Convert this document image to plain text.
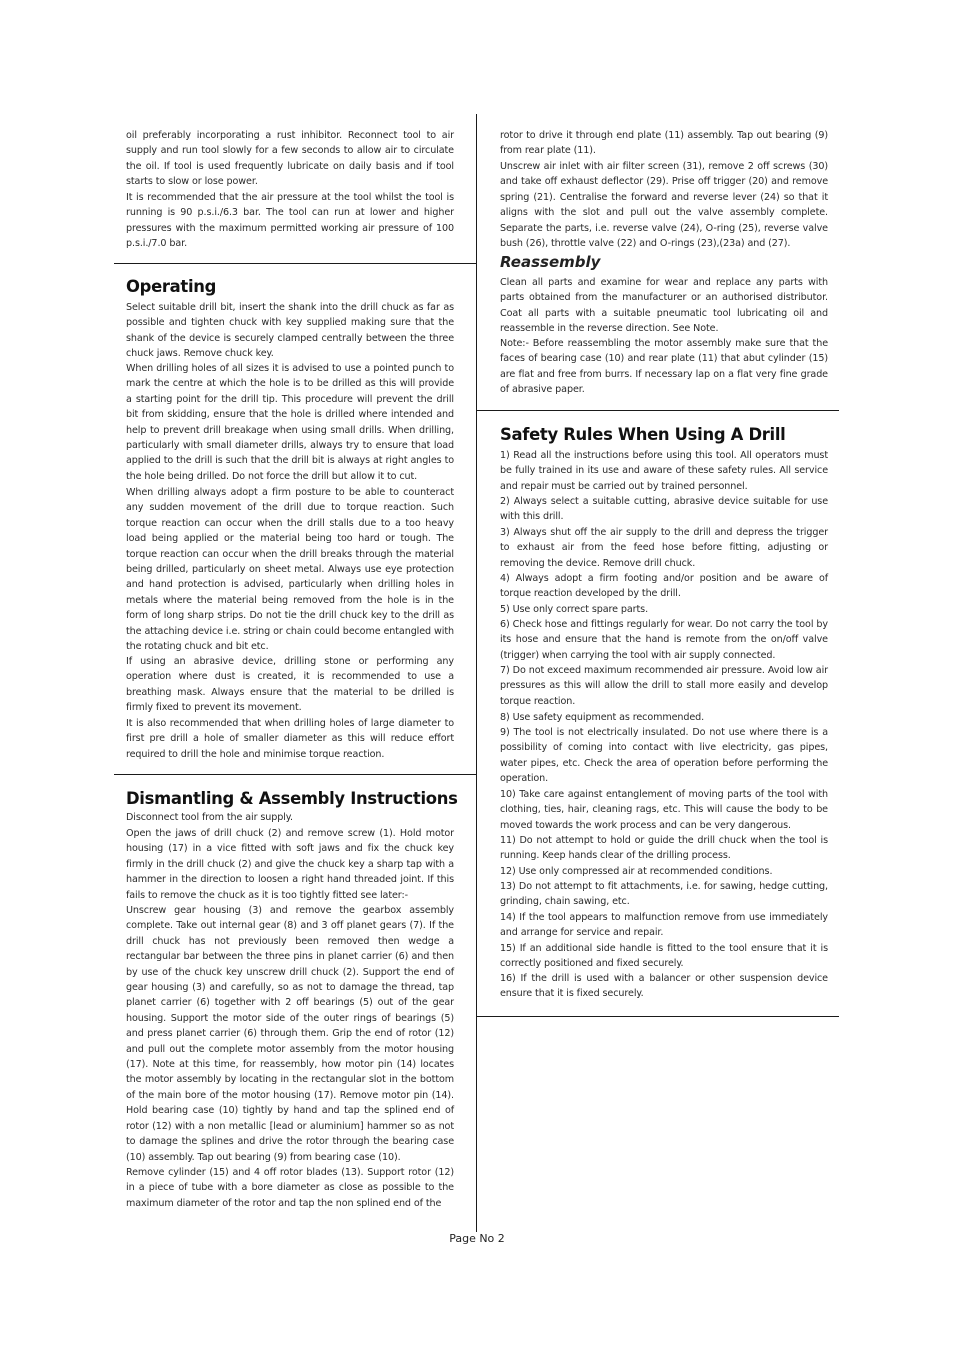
oil preferably incorporating a rust inhibitor. Reconnect tool to air supply and run tool slowly for a few seconds to allow air to circulate the oil. If tool is used frequently lubricate on daily basis and if tool starts to slow or lose power.

It is recommended that the air pressure at the tool whilst the tool is running is 90 p.s.i./6.3 bar. The tool can run at lower and higher pressures with the maximum permitted working air pressure of 100 p.s.i./7.0 bar.

Operating

Select suitable drill bit, insert the shank into the drill chuck as far as possible and tighten chuck with key supplied making sure that the shank of the device is securely clamped centrally between the three chuck jaws. Remove chuck key.

When drilling holes of all sizes it is advised to use a pointed punch to mark the centre at which the hole is to be drilled as this will provide a starting point for the drill tip. This procedure will prevent the drill bit from skidding, ensure that the hole is drilled where intended and help to prevent drill breakage when using small drills. When drilling, particularly with small diameter drills, always try to ensure that load applied to the drill is such that the drill bit is always at right angles to the hole being drilled. Do not force the drill but allow it to cut.

When drilling always adopt a firm posture to be able to counteract any sudden movement of the drill due to torque reaction. Such torque reaction can occur when the drill stalls due to a too heavy load being applied or the material being too hard or tough. The torque reaction can occur when the drill breaks through the material being drilled, particularly on sheet metal. Always use eye protection and hand protection is advised, particularly when drilling holes in metals where the material being removed from the hole is in the form of long sharp strips. Do not tie the drill chuck key to the drill as the attaching device i.e. string or chain could become entangled with the rotating chuck and bit etc.

If using an abrasive device, drilling stone or performing any operation where dust is created, it is recommended to use a breathing mask. Always ensure that the material to be drilled is firmly fixed to prevent its movement.

It is also recommended that when drilling holes of large diameter to first pre drill a hole of smaller diameter as this will reduce effort required to drill the hole and minimise torque reaction.

Dismantling & Assembly Instructions

Disconnect tool from the air supply.

Open the jaws of drill chuck (2) and remove screw (1). Hold motor housing (17) in a vice fitted with soft jaws and fix the chuck key firmly in the drill chuck (2) and give the chuck key a sharp tap with a hammer in the direction to loosen a right hand threaded joint. If this fails to remove the chuck as it is too tightly fitted see later:-

Unscrew gear housing (3) and remove the gearbox assembly complete. Take out internal gear (8) and 3 off planet gears (7). If the drill chuck has not previously been removed then wedge a rectangular bar between the three pins in planet carrier (6) and then by use of the chuck key unscrew drill chuck (2). Support the end of gear housing (3) and carefully, so as not to damage the thread, tap planet carrier (6) together with 2 off bearings (5) out of the gear housing. Support the motor side of the outer rings of bearings (5) and press planet carrier (6) through them. Grip the end of rotor (12) and pull out the complete motor assembly from the motor housing (17). Note at this time, for reassembly, how motor pin (14) locates the motor assembly by locating in the rectangular slot in the bottom of the main bore of the motor housing (17). Remove motor pin (14). Hold bearing case (10) tightly by hand and tap the splined end of rotor (12) with a non metallic [lead or aluminium] hammer so as not to damage the splines and drive the rotor through the bearing case (10) assembly. Tap out bearing (9) from bearing case (10).

Remove cylinder (15) and 4 off rotor blades (13). Support rotor (12) in a piece of tube with a bore diameter as close as possible to the maximum diameter of the rotor and tap the non splined end of the

rotor to drive it through end plate (11) assembly. Tap out bearing (9) from rear plate (11).

Unscrew air inlet with air filter screen (31), remove 2 off screws (30) and take off exhaust deflector (29). Prise off trigger (20) and remove spring (21). Centralise the forward and reverse lever (24) so that it aligns with the slot and pull out the valve assembly complete. Separate the parts, i.e. reverse valve (24), O-ring (25), reverse valve bush (26), throttle valve (22) and O-rings (23),(23a) and (27).

Reassembly

Clean all parts and examine for wear and replace any parts with parts obtained from the manufacturer or an authorised distributor. Coat all parts with a suitable pneumatic tool lubricating oil and reassemble in the reverse direction. See Note.

Note:- Before reassembling the motor assembly make sure that the faces of bearing case (10) and rear plate (11) that abut cylinder (15) are flat and free from burrs. If necessary lap on a flat very fine grade of abrasive paper.

Safety Rules When Using A Drill

1) Read all the instructions before using this tool. All operators must be fully trained in its use and aware of these safety rules. All service and repair must be carried out by trained personnel.

2) Always select a suitable cutting, abrasive device suitable for use with this drill.

3) Always shut off the air supply to the drill and depress the trigger to exhaust air from the feed hose before fitting, adjusting or removing the device. Remove drill chuck.

4) Always adopt a firm footing and/or position and be aware of torque reaction developed by the drill.

5) Use only correct spare parts.

6) Check hose and fittings regularly for wear. Do not carry the tool by its hose and ensure that the hand is remote from the on/off valve (trigger) when carrying the tool with air supply connected.

7) Do not exceed maximum recommended air pressure. Avoid low air pressures as this will allow the drill to stall more easily and develop torque reaction.

8) Use safety equipment as recommended.

9) The tool is not electrically insulated. Do not use where there is a possibility of coming into contact with live electricity, gas pipes, water pipes, etc. Check the area of operation before performing the operation.

10) Take care against entanglement of moving parts of the tool with clothing, ties, hair, cleaning rags, etc. This will cause the body to be moved towards the work process and can be very dangerous.

11) Do not attempt to hold or guide the drill chuck when the tool is running. Keep hands clear of the drilling process.

12) Use only compressed air at recommended conditions.

13) Do not attempt to fit attachments, i.e. for sawing, hedge cutting, grinding, chain sawing, etc.

14) If the tool appears to malfunction remove from use immediately and arrange for service and repair.

15) If an additional side handle is fitted to the tool ensure that it is correctly positioned and fixed securely.

16) If the drill is used with a balancer or other suspension device ensure that it is fixed securely.

Page No 2
